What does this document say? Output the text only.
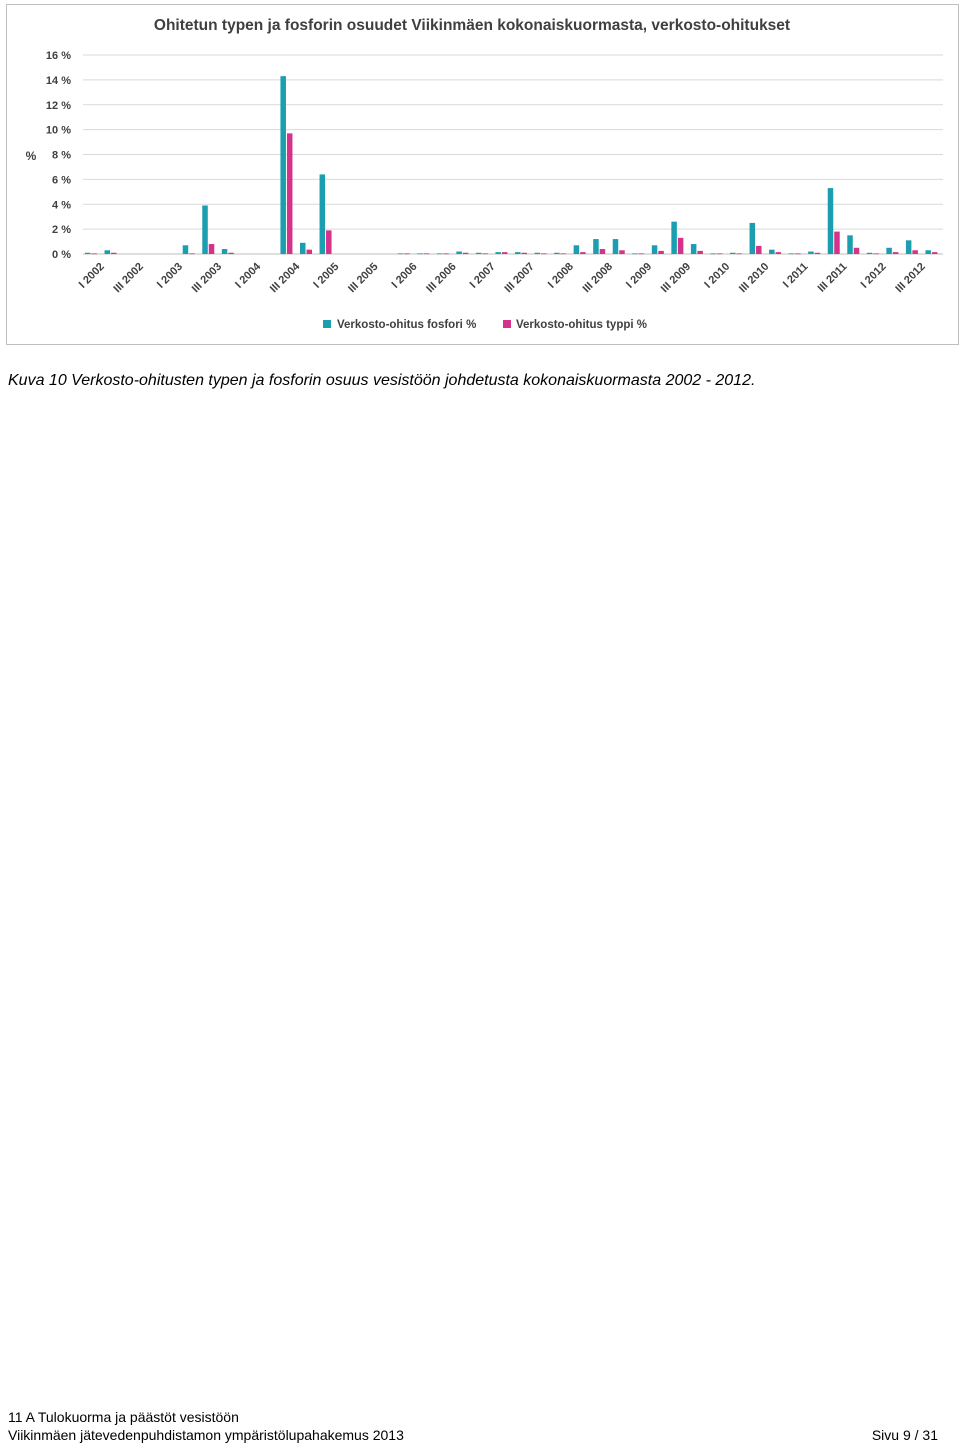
Ohitetun typen ja fosforin osuudet Viikinmäen kokonaiskuormasta, verkosto-ohitukset
%
0 %
2 %
4 %
6 %
8 %
10 %
12 %
14 %
16 %
I 2002 III 2002 I 2003 III 2003 I 2004 III 2004 I 2005 III 2005 I 2006 III 2006 I 2007 III 2007 I 2008 III 2008 I 2009 III 2009 I 2010 III 2010 I 2011 III 2011 I 2012 III 2012
Verkosto-ohitus fosfori %	Verkosto-ohitus typpi %
Kuva 10 Verkosto-ohitusten typen ja fosforin osuus vesistöön johdetusta kokonaiskuormasta 2002 - 2012.
11 A Tulokuorma ja päästöt vesistöön
Viikinmäen jätevedenpuhdistamon ympäristölupahakemus 2013	Sivu 9 / 31
